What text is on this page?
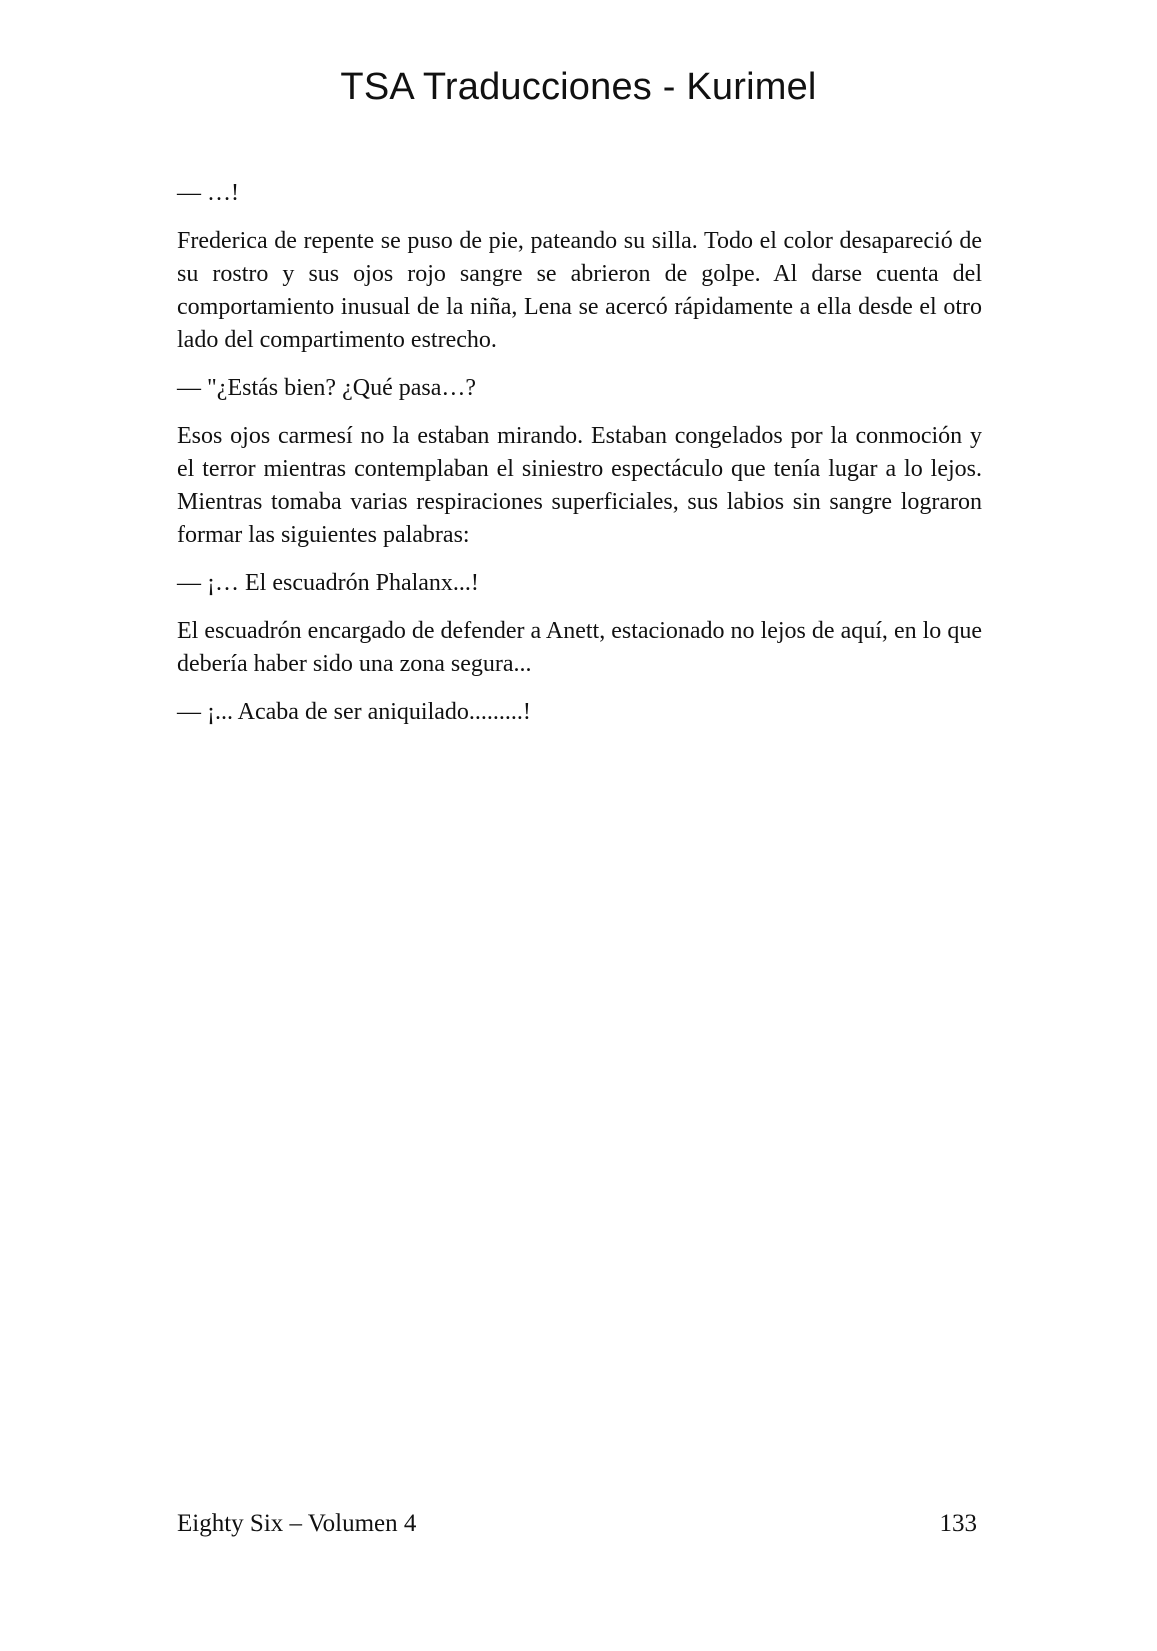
TSA Traducciones - Kurimel

— …!

Frederica de repente se puso de pie, pateando su silla. Todo el color desapareció de su rostro y sus ojos rojo sangre se abrieron de golpe. Al darse cuenta del comportamiento inusual de la niña, Lena se acercó rápidamente a ella desde el otro lado del compartimento estrecho.

— "¿Estás bien? ¿Qué pasa…?

Esos ojos carmesí no la estaban mirando. Estaban congelados por la conmoción y el terror mientras contemplaban el siniestro espectáculo que tenía lugar a lo lejos. Mientras tomaba varias respiraciones superficiales, sus labios sin sangre lograron formar las siguientes palabras:

— ¡… El escuadrón Phalanx...!

El escuadrón encargado de defender a Anett, estacionado no lejos de aquí, en lo que debería haber sido una zona segura...

— ¡... Acaba de ser aniquilado.........!

Eighty Six – Volumen 4	133
